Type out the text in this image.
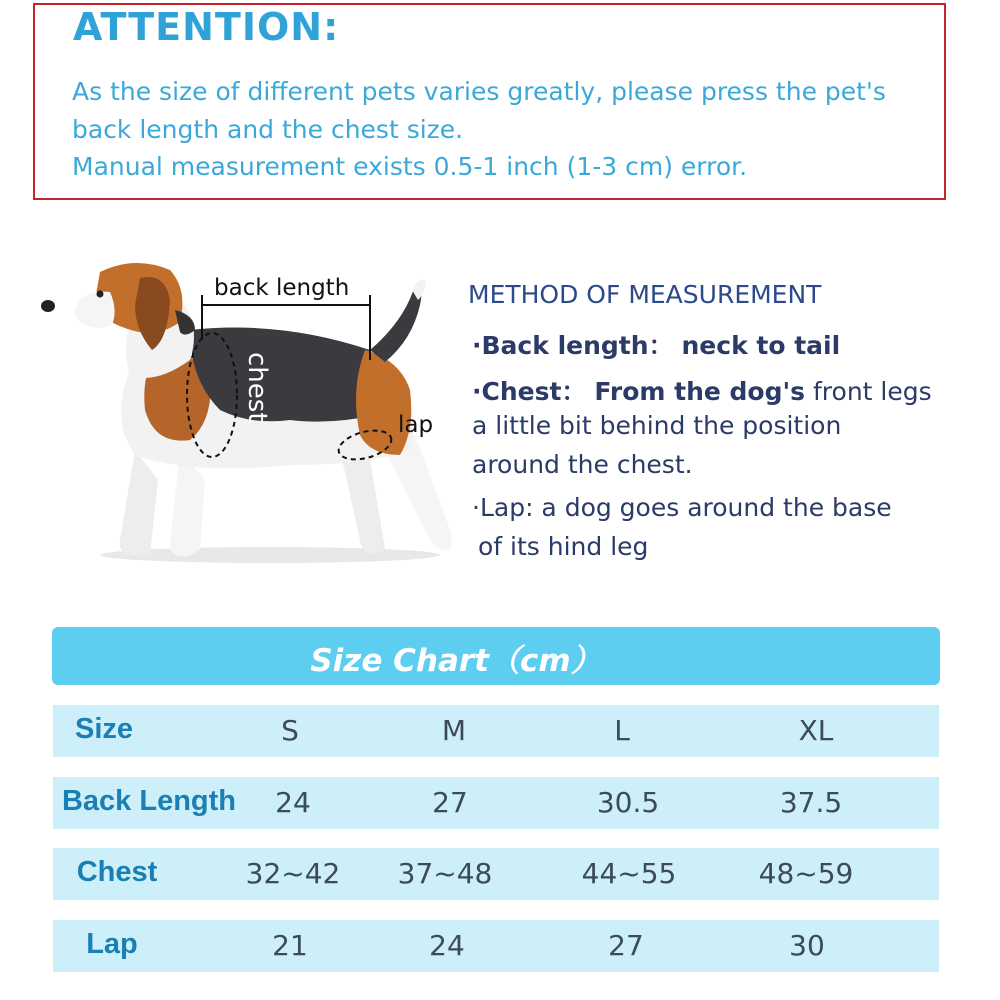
ATTENTION:
As the size of different pets varies greatly, please press the pet's
back length and the chest size.
Manual measurement exists 0.5-1 inch (1-3 cm) error.
back length
chest
lap
METHOD OF MEASUREMENT
·Back length： neck to tail
·Chest： From the dog's front legs
a little bit behind the position
around the chest.
·Lap: a dog goes around the base
of its hind leg
Size Chart（cm）
Size	S	M	L	XL
Back Length 24	27	30.5	37.5
Chest	32~42 37~48	44~55	48~59
Lap	21	24	27	30
